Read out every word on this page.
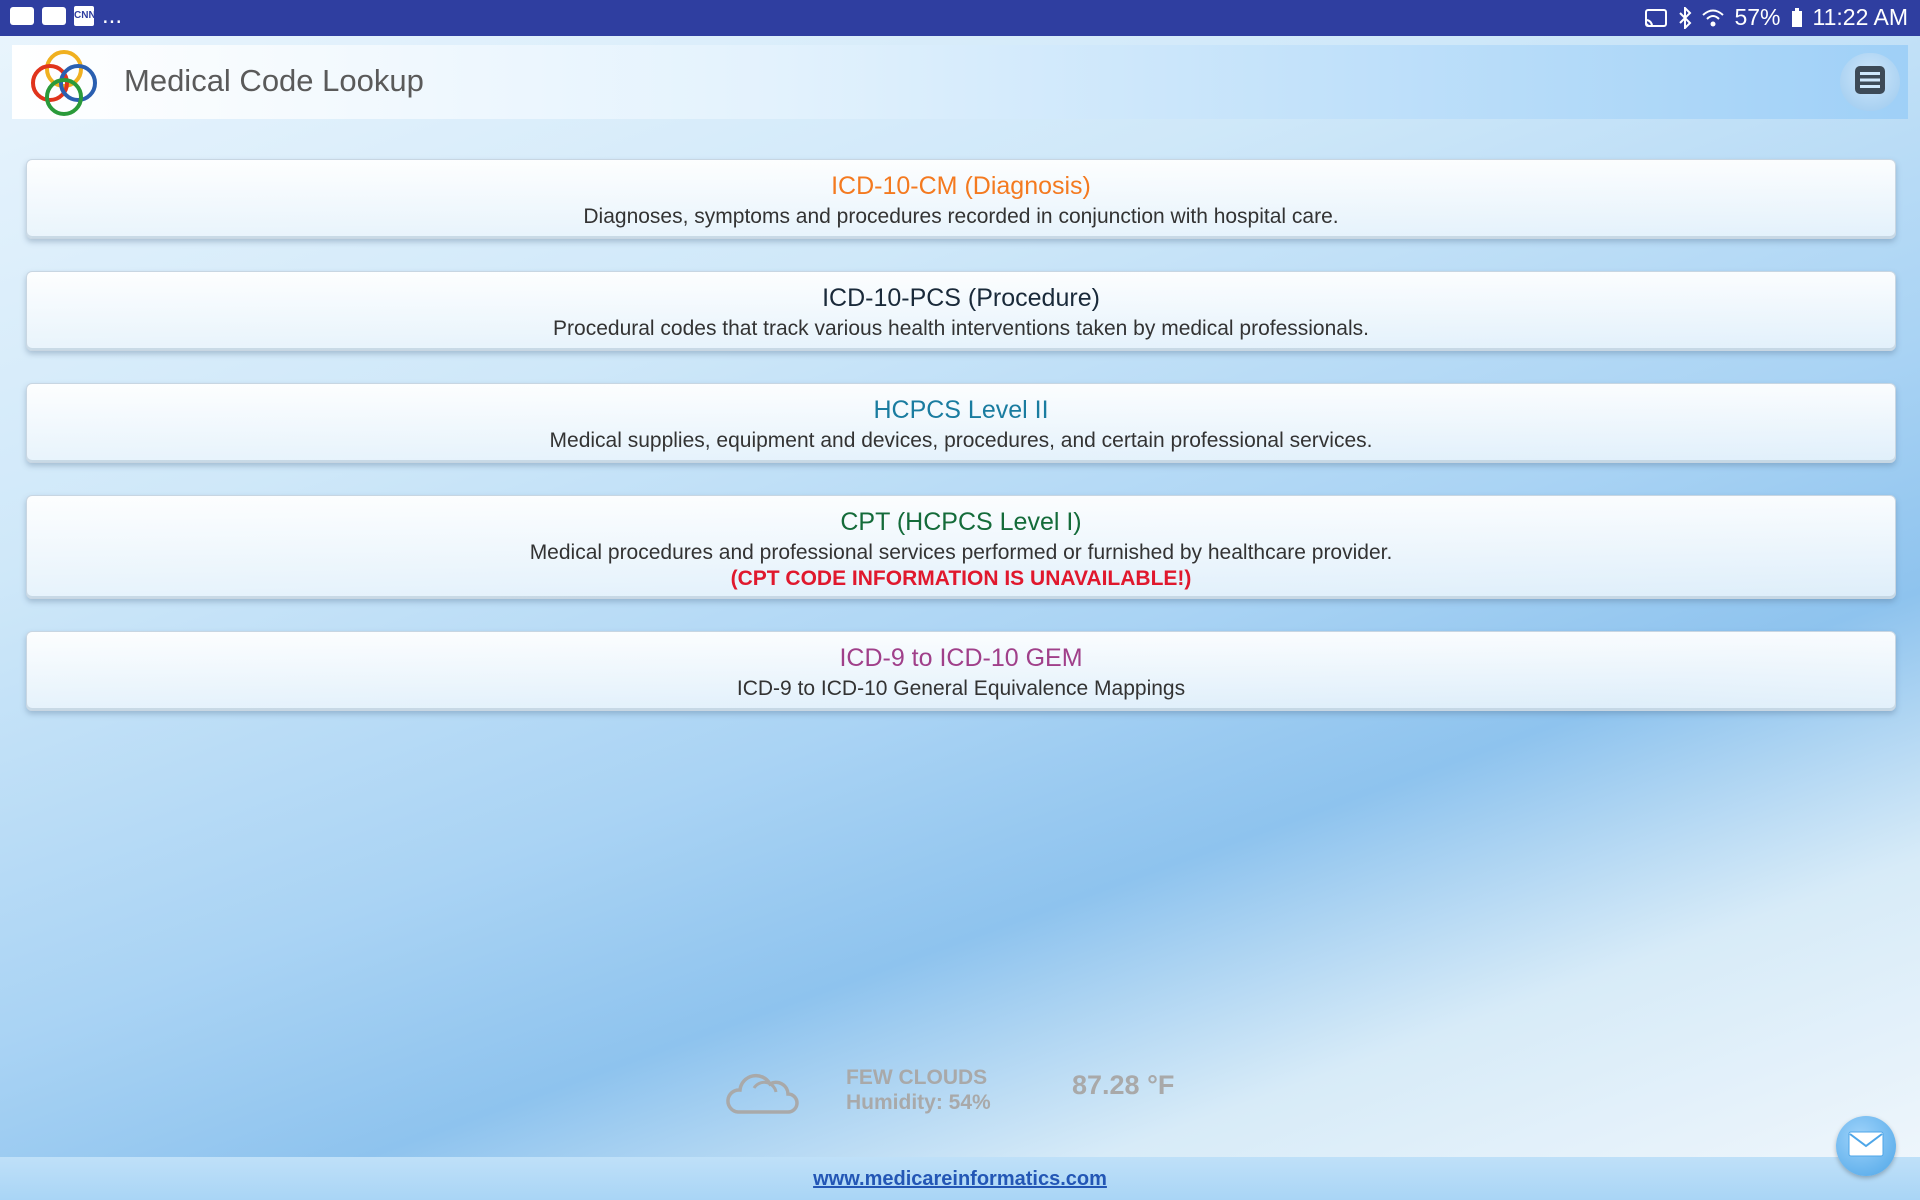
CNN ...	57% 11:22 AM
Medical Code Lookup
ICD-10-CM (Diagnosis)
Diagnoses, symptoms and procedures recorded in conjunction with hospital care.
ICD-10-PCS (Procedure)
Procedural codes that track various health interventions taken by medical professionals.
HCPCS Level II
Medical supplies, equipment and devices, procedures, and certain professional services.
CPT (HCPCS Level I)
Medical procedures and professional services performed or furnished by healthcare provider.
(CPT CODE INFORMATION IS UNAVAILABLE!)
ICD-9 to ICD-10 GEM
ICD-9 to ICD-10 General Equivalence Mappings
FEW CLOUDS
Humidity: 54%
87.28 °F
www.medicareinformatics.com
